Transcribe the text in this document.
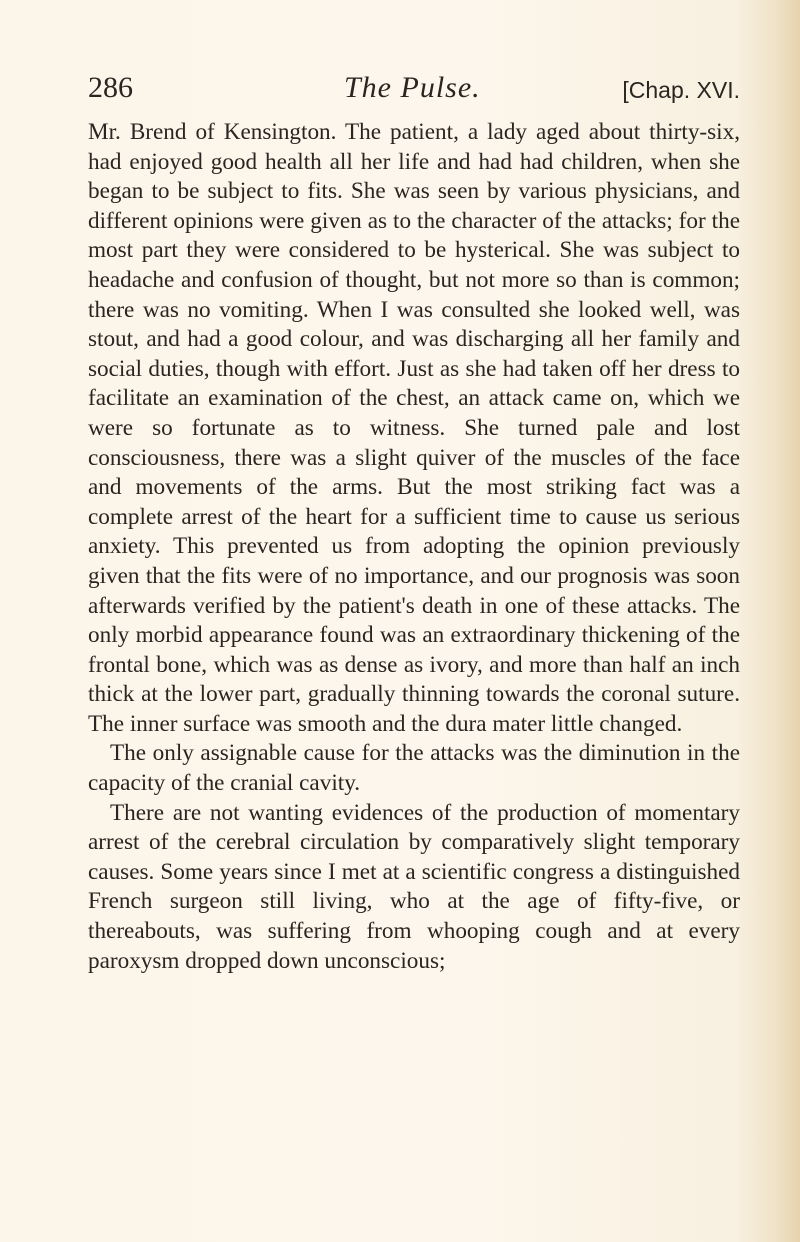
286	The Pulse.	[Chap. XVI.

Mr. Brend of Kensington. The patient, a lady aged about thirty-six, had enjoyed good health all her life and had had children, when she began to be subject to fits. She was seen by various physicians, and different opinions were given as to the character of the attacks; for the most part they were considered to be hysterical. She was subject to headache and confusion of thought, but not more so than is common; there was no vomiting. When I was consulted she looked well, was stout, and had a good colour, and was discharging all her family and social duties, though with effort. Just as she had taken off her dress to facilitate an examination of the chest, an attack came on, which we were so fortunate as to witness. She turned pale and lost consciousness, there was a slight quiver of the muscles of the face and movements of the arms. But the most striking fact was a complete arrest of the heart for a sufficient time to cause us serious anxiety. This prevented us from adopting the opinion previously given that the fits were of no importance, and our prognosis was soon afterwards verified by the patient's death in one of these attacks. The only morbid appearance found was an extraordinary thickening of the frontal bone, which was as dense as ivory, and more than half an inch thick at the lower part, gradually thinning towards the coronal suture. The inner surface was smooth and the dura mater little changed.

The only assignable cause for the attacks was the diminution in the capacity of the cranial cavity.

There are not wanting evidences of the production of momentary arrest of the cerebral circulation by comparatively slight temporary causes. Some years since I met at a scientific congress a distinguished French surgeon still living, who at the age of fifty-five, or thereabouts, was suffering from whooping cough and at every paroxysm dropped down unconscious;
